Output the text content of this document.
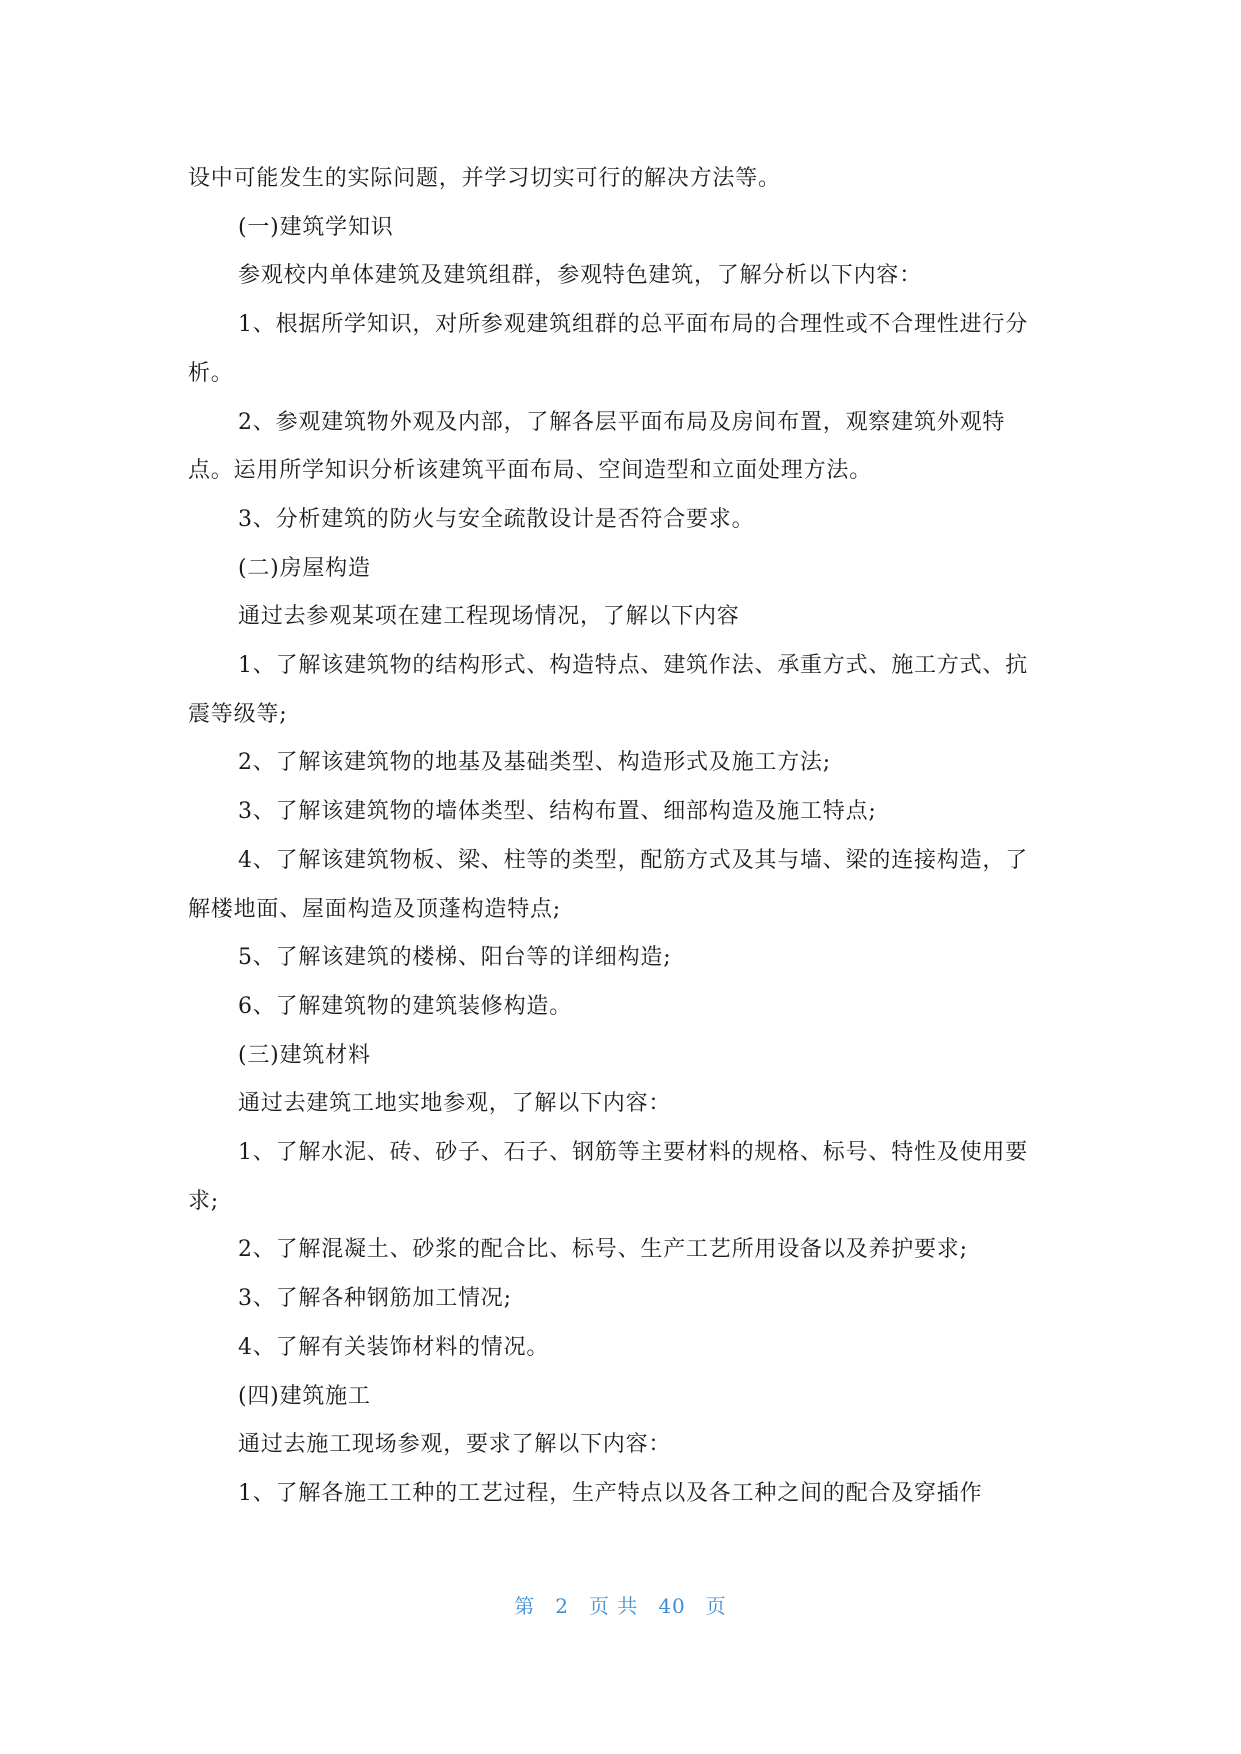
设中可能发生的实际问题，并学习切实可行的解决方法等。

(一)建筑学知识

参观校内单体建筑及建筑组群，参观特色建筑，了解分析以下内容：

1、根据所学知识，对所参观建筑组群的总平面布局的合理性或不合理性进行分析。

2、参观建筑物外观及内部，了解各层平面布局及房间布置，观察建筑外观特点。运用所学知识分析该建筑平面布局、空间造型和立面处理方法。

3、分析建筑的防火与安全疏散设计是否符合要求。

(二)房屋构造

通过去参观某项在建工程现场情况，了解以下内容

1、了解该建筑物的结构形式、构造特点、建筑作法、承重方式、施工方式、抗震等级等;

2、了解该建筑物的地基及基础类型、构造形式及施工方法;

3、了解该建筑物的墙体类型、结构布置、细部构造及施工特点;

4、了解该建筑物板、梁、柱等的类型，配筋方式及其与墙、梁的连接构造，了解楼地面、屋面构造及顶蓬构造特点;

5、了解该建筑的楼梯、阳台等的详细构造;

6、了解建筑物的建筑装修构造。

(三)建筑材料

通过去建筑工地实地参观，了解以下内容：

1、了解水泥、砖、砂子、石子、钢筋等主要材料的规格、标号、特性及使用要求;

2、了解混凝土、砂浆的配合比、标号、生产工艺所用设备以及养护要求;

3、了解各种钢筋加工情况;

4、了解有关装饰材料的情况。

(四)建筑施工

通过去施工现场参观，要求了解以下内容：

1、了解各施工工种的工艺过程，生产特点以及各工种之间的配合及穿插作

第 2 页 共 40 页
